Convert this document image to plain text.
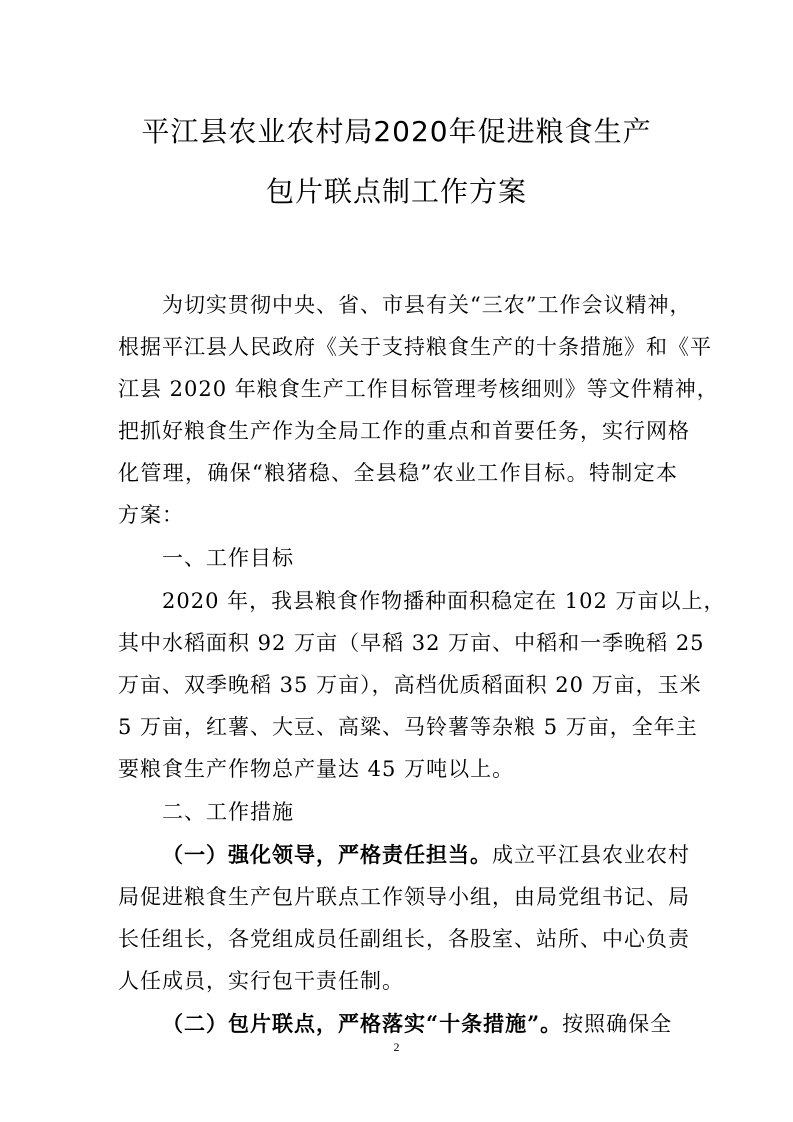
平江县农业农村局2020年促进粮食生产
包片联点制工作方案
为切实贯彻中央、省、市县有关“三农”工作会议精神，
根据平江县人民政府《关于支持粮食生产的十条措施》和《平
江县 2020 年粮食生产工作目标管理考核细则》等文件精神，
把抓好粮食生产作为全局工作的重点和首要任务，实行网格
化管理，确保“粮猪稳、全县稳”农业工作目标。特制定本
方案：
一、工作目标
2020 年，我县粮食作物播种面积稳定在 102 万亩以上，
其中水稻面积 92 万亩（早稻 32 万亩、中稻和一季晚稻 25
万亩、双季晚稻 35 万亩），高档优质稻面积 20 万亩，玉米
5 万亩，红薯、大豆、高粱、马铃薯等杂粮 5 万亩，全年主
要粮食生产作物总产量达 45 万吨以上。
二、工作措施
（一）强化领导，严格责任担当。成立平江县农业农村
局促进粮食生产包片联点工作领导小组，由局党组书记、局
长任组长，各党组成员任副组长，各股室、站所、中心负责
人任成员，实行包干责任制。
（二）包片联点，严格落实“十条措施”。按照确保全
2
